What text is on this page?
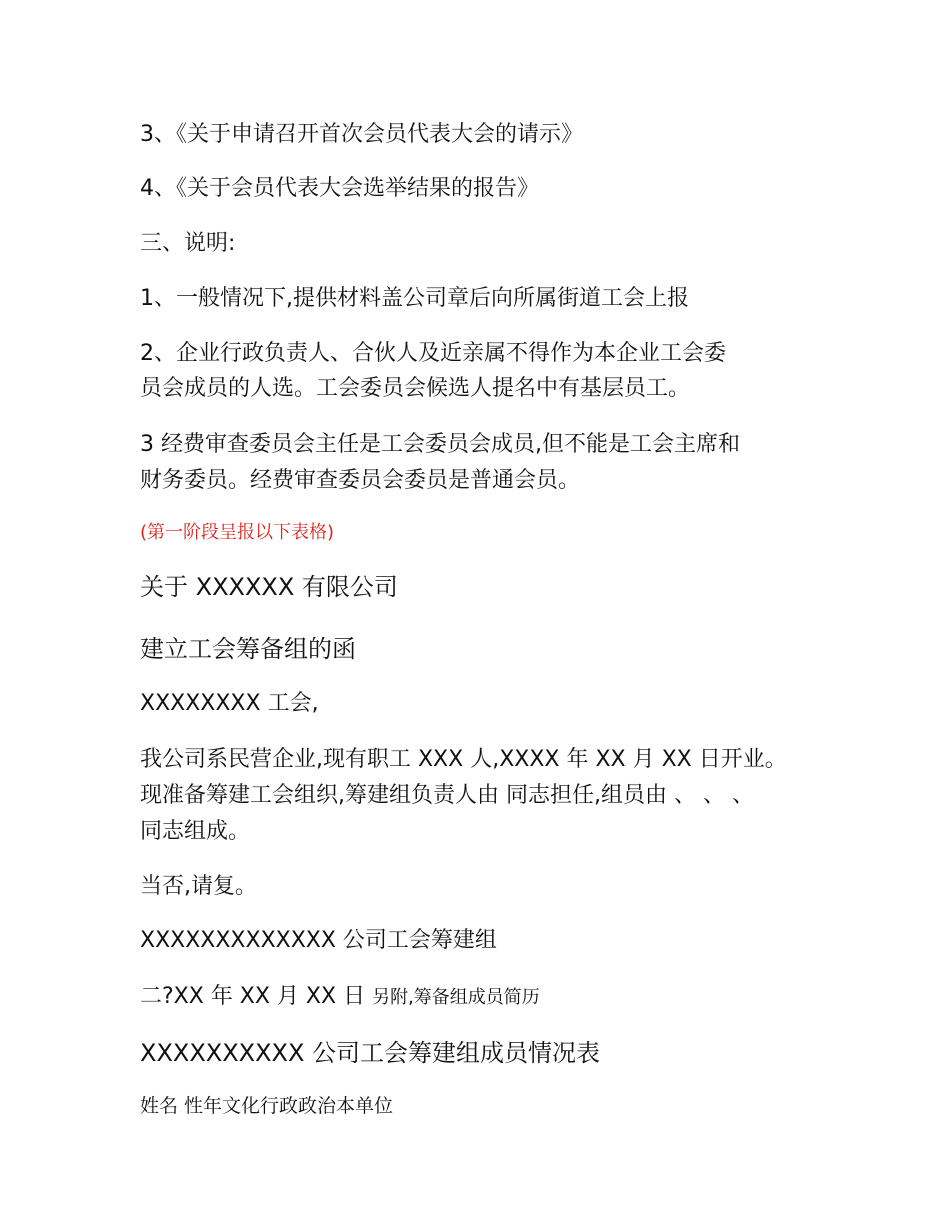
3、《关于申请召开首次会员代表大会的请示》
4、《关于会员代表大会选举结果的报告》
三、说明:
1、一般情况下,提供材料盖公司章后向所属街道工会上报
2、企业行政负责人、合伙人及近亲属不得作为本企业工会委
员会成员的人选。工会委员会候选人提名中有基层员工。
3 经费审查委员会主任是工会委员会成员,但不能是工会主席和
财务委员。经费审查委员会委员是普通会员。
(第一阶段呈报以下表格)
关于 XXXXXX 有限公司
建立工会筹备组的函
XXXXXXXX 工会,
我公司系民营企业,现有职工 XXX 人,XXXX 年 XX 月 XX 日开业。
现准备筹建工会组织,筹建组负责人由 同志担任,组员由 、 、 、
同志组成。
当否,请复。
XXXXXXXXXXXXX 公司工会筹建组
二?XX 年 XX 月 XX 日 另附,筹备组成员简历
XXXXXXXXXX 公司工会筹建组成员情况表
姓名 性年文化行政政治本单位
